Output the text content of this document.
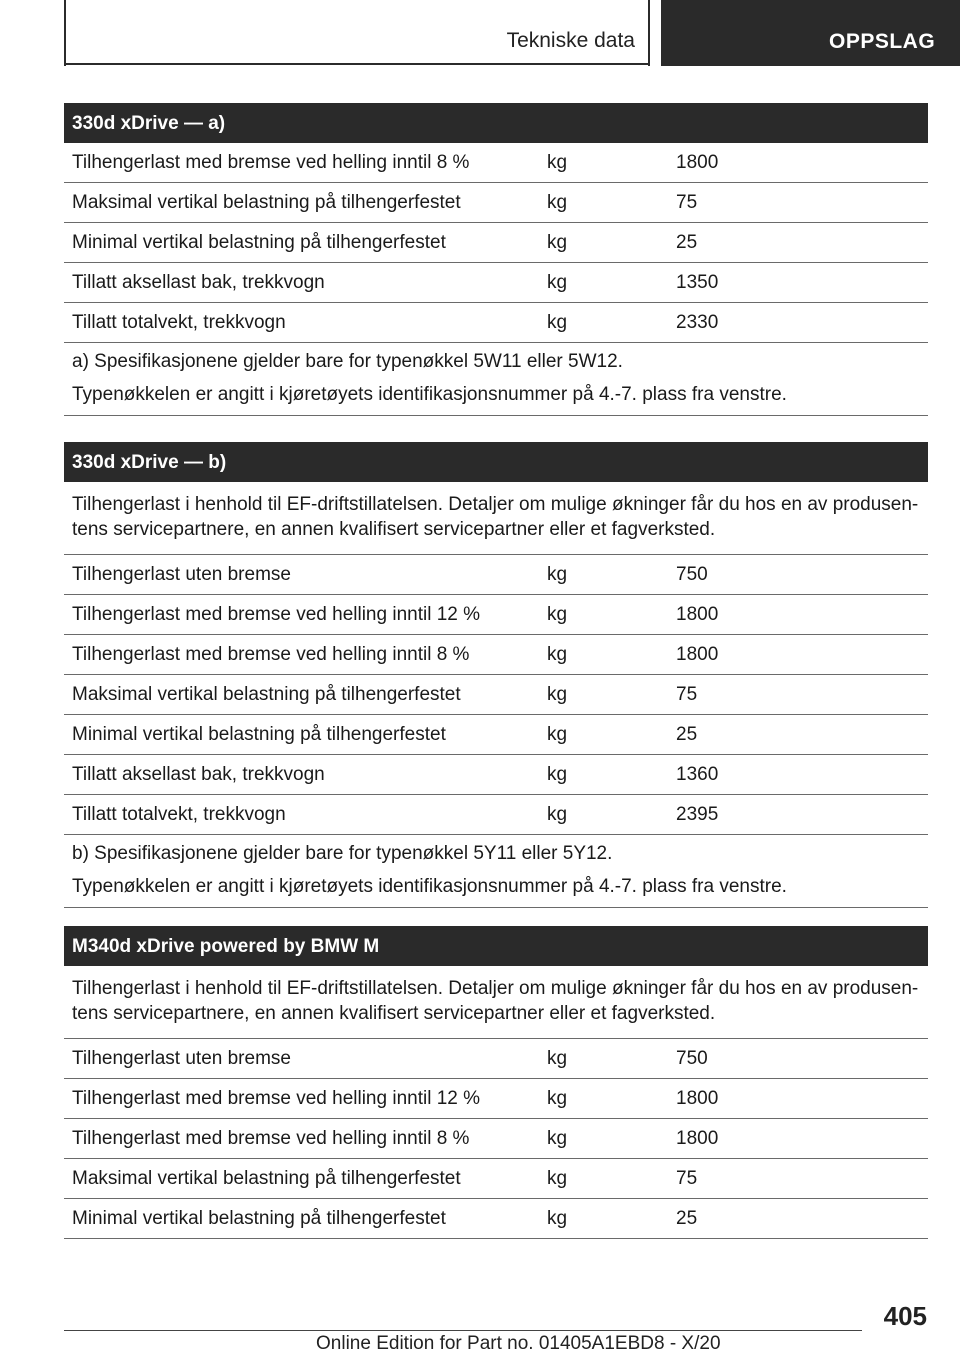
Tekniske data	OPPSLAG
330d xDrive — a)
Tilhengerlast med bremse ved helling inntil 8 %	kg	1800
Maksimal vertikal belastning på tilhengerfestet	kg	75
Minimal vertikal belastning på tilhengerfestet	kg	25
Tillatt aksellast bak, trekkvogn	kg	1350
Tillatt totalvekt, trekkvogn	kg	2330
a) Spesifikasjonene gjelder bare for typenøkkel 5W11 eller 5W12.
Typenøkkelen er angitt i kjøretøyets identifikasjonsnummer på 4.-7. plass fra venstre.
330d xDrive — b)
Tilhengerlast i henhold til EF-driftstillatelsen. Detaljer om mulige økninger får du hos en av produsen-tens servicepartnere, en annen kvalifisert servicepartner eller et fagverksted.
Tilhengerlast uten bremse	kg	750
Tilhengerlast med bremse ved helling inntil 12 %	kg	1800
Tilhengerlast med bremse ved helling inntil 8 %	kg	1800
Maksimal vertikal belastning på tilhengerfestet	kg	75
Minimal vertikal belastning på tilhengerfestet	kg	25
Tillatt aksellast bak, trekkvogn	kg	1360
Tillatt totalvekt, trekkvogn	kg	2395
b) Spesifikasjonene gjelder bare for typenøkkel 5Y11 eller 5Y12.
Typenøkkelen er angitt i kjøretøyets identifikasjonsnummer på 4.-7. plass fra venstre.
M340d xDrive powered by BMW M
Tilhengerlast i henhold til EF-driftstillatelsen. Detaljer om mulige økninger får du hos en av produsen-tens servicepartnere, en annen kvalifisert servicepartner eller et fagverksted.
Tilhengerlast uten bremse	kg	750
Tilhengerlast med bremse ved helling inntil 12 %	kg	1800
Tilhengerlast med bremse ved helling inntil 8 %	kg	1800
Maksimal vertikal belastning på tilhengerfestet	kg	75
Minimal vertikal belastning på tilhengerfestet	kg	25
405
Online Edition for Part no. 01405A1EBD8 - X/20
